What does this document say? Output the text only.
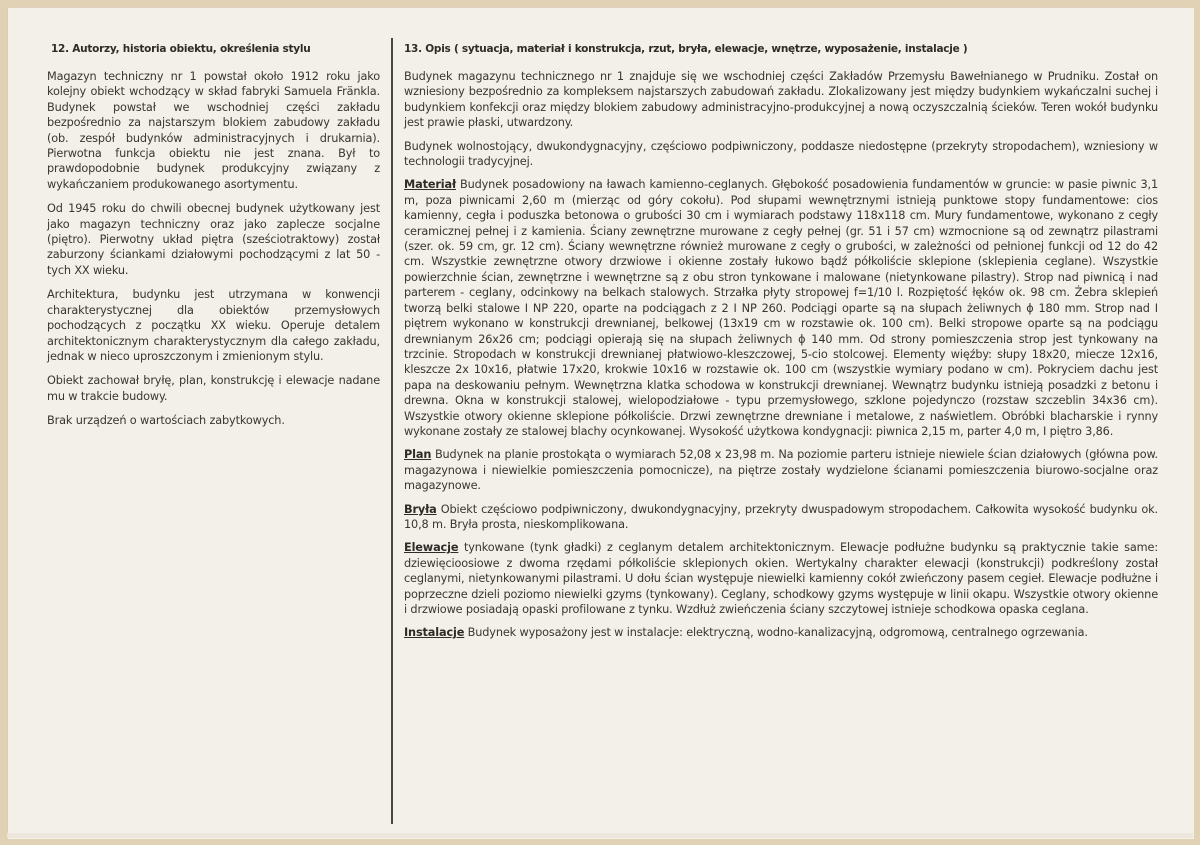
12. Autorzy, historia obiektu, określenia stylu

Magazyn techniczny nr 1 powstał około 1912 roku jako kolejny obiekt wchodzący w skład fabryki Samuela Fränkla. Budynek powstał we wschodniej części zakładu bezpośrednio za najstarszym blokiem zabudowy zakładu (ob. zespół budynków administracyjnych i drukarnia). Pierwotna funkcja obiektu nie jest znana. Był to prawdopodobnie budynek produkcyjny związany z wykańczaniem produkowanego asortymentu.

Od 1945 roku do chwili obecnej budynek użytkowany jest jako magazyn techniczny oraz jako zaplecze socjalne (piętro). Pierwotny układ piętra (sześciotraktowy) został zaburzony ściankami działowymi pochodzącymi z lat 50 -tych XX wieku.

Architektura, budynku jest utrzymana w konwencji charakterystycznej dla obiektów przemysłowych pochodzących z początku XX wieku. Operuje detalem architektonicznym charakterystycznym dla całego zakładu, jednak w nieco uproszczonym i zmienionym stylu.

Obiekt zachował bryłę, plan, konstrukcję i elewacje nadane mu w trakcie budowy.

Brak urządzeń o wartościach zabytkowych.

13. Opis ( sytuacja, materiał i konstrukcja, rzut, bryła, elewacje, wnętrze, wyposażenie, instalacje )

Budynek magazynu technicznego nr 1 znajduje się we wschodniej części Zakładów Przemysłu Bawełnianego w Prudniku. Został on wzniesiony bezpośrednio za kompleksem najstarszych zabudowań zakładu. Zlokalizowany jest między budynkiem wykańczalni suchej i budynkiem konfekcji oraz między blokiem zabudowy administracyjno-produkcyjnej a nową oczyszczalnią ścieków. Teren wokół budynku jest prawie płaski, utwardzony.

Budynek wolnostojący, dwukondygnacyjny, częściowo podpiwniczony, poddasze niedostępne (przekryty stropodachem), wzniesiony w technologii tradycyjnej.

Materiał Budynek posadowiony na ławach kamienno-ceglanych. Głębokość posadowienia fundamentów w gruncie: w pasie piwnic 3,1 m, poza piwnicami 2,60 m (mierząc od góry cokołu). Pod słupami wewnętrznymi istnieją punktowe stopy fundamentowe: cios kamienny, cegła i poduszka betonowa o grubości 30 cm i wymiarach podstawy 118x118 cm. Mury fundamentowe, wykonano z cegły ceramicznej pełnej i z kamienia. Ściany zewnętrzne murowane z cegły pełnej (gr. 51 i 57 cm) wzmocnione są od zewnątrz pilastrami (szer. ok. 59 cm, gr. 12 cm). Ściany wewnętrzne również murowane z cegły o grubości, w zależności od pełnionej funkcji od 12 do 42 cm. Wszystkie zewnętrzne otwory drzwiowe i okienne zostały łukowo bądź półkoliście sklepione (sklepienia ceglane). Wszystkie powierzchnie ścian, zewnętrzne i wewnętrzne są z obu stron tynkowane i malowane (nietynkowane pilastry). Strop nad piwnicą i nad parterem - ceglany, odcinkowy na belkach stalowych. Strzałka płyty stropowej f=1/10 l. Rozpiętość łęków ok. 98 cm. Żebra sklepień tworzą belki stalowe I NP 220, oparte na podciągach z 2 I NP 260. Podciągi oparte są na słupach żeliwnych ϕ 180 mm. Strop nad I piętrem wykonano w konstrukcji drewnianej, belkowej (13x19 cm w rozstawie ok. 100 cm). Belki stropowe oparte są na podciągu drewnianym 26x26 cm; podciągi opierają się na słupach żeliwnych ϕ 140 mm. Od strony pomieszczenia strop jest tynkowany na trzcinie. Stropodach w konstrukcji drewnianej płatwiowo-kleszczowej, 5-cio stolcowej. Elementy więźby: słupy 18x20, miecze 12x16, kleszcze 2x 10x16, płatwie 17x20, krokwie 10x16 w rozstawie ok. 100 cm (wszystkie wymiary podano w cm). Pokryciem dachu jest papa na deskowaniu pełnym. Wewnętrzna klatka schodowa w konstrukcji drewnianej. Wewnątrz budynku istnieją posadzki z betonu i drewna. Okna w konstrukcji stalowej, wielopodziałowe - typu przemysłowego, szklone pojedynczo (rozstaw szczeblin 34x36 cm). Wszystkie otwory okienne sklepione półkoliście. Drzwi zewnętrzne drewniane i metalowe, z naświetlem. Obróbki blacharskie i rynny wykonane zostały ze stalowej blachy ocynkowanej. Wysokość użytkowa kondygnacji: piwnica 2,15 m, parter 4,0 m, I piętro 3,86.

Plan Budynek na planie prostokąta o wymiarach 52,08 x 23,98 m. Na poziomie parteru istnieje niewiele ścian działowych (główna pow. magazynowa i niewielkie pomieszczenia pomocnicze), na piętrze zostały wydzielone ścianami pomieszczenia biurowo-socjalne oraz magazynowe.

Bryła Obiekt częściowo podpiwniczony, dwukondygnacyjny, przekryty dwuspadowym stropodachem. Całkowita wysokość budynku ok. 10,8 m. Bryła prosta, nieskomplikowana.

Elewacje tynkowane (tynk gładki) z ceglanym detalem architektonicznym. Elewacje podłużne budynku są praktycznie takie same: dziewięcioosiowe z dwoma rzędami półkoliście sklepionych okien. Wertykalny charakter elewacji (konstrukcji) podkreślony został ceglanymi, nietynkowanymi pilastrami. U dołu ścian występuje niewielki kamienny cokół zwieńczony pasem cegieł. Elewacje podłużne i poprzeczne dzieli poziomo niewielki gzyms (tynkowany). Ceglany, schodkowy gzyms występuje w linii okapu. Wszystkie otwory okienne i drzwiowe posiadają opaski profilowane z tynku. Wzdłuż zwieńczenia ściany szczytowej istnieje schodkowa opaska ceglana.

Instalacje Budynek wyposażony jest w instalacje: elektryczną, wodno-kanalizacyjną, odgromową, centralnego ogrzewania.
